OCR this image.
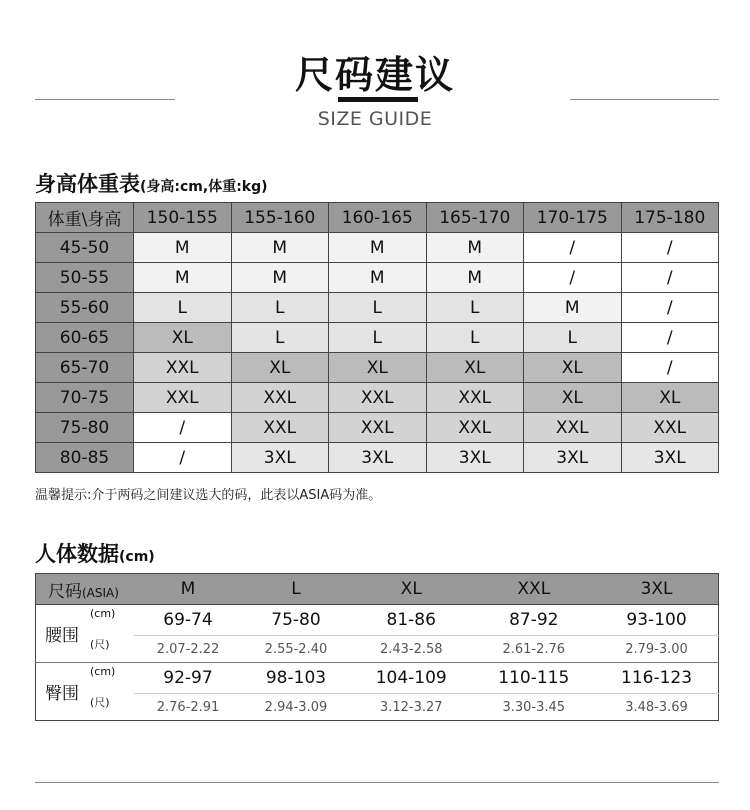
尺码建议
SIZE GUIDE
身高体重表(身高:cm,体重:kg)
体重\身高	150-155	155-160	160-165	165-170	170-175	175-180
45-50	M	M	M	M	/	/
50-55	M	M	M	M	/	/
55-60	L	L	L	L	M	/
60-65	XL	L	L	L	L	/
65-70	XXL	XL	XL	XL	XL	/
70-75	XXL	XXL	XXL	XXL	XL	XL
75-80	/	XXL	XXL	XXL	XXL	XXL
80-85	/	3XL	3XL	3XL	3XL	3XL
温馨提示:介于两码之间建议选大的码，此表以ASIA码为准。
人体数据(cm)
尺码(ASIA)		M	L	XL	XXL	3XL
腰围	(cm)	69-74	75-80	81-86	87-92	93-100
	(尺)	2.07-2.22	2.55-2.40	2.43-2.58	2.61-2.76	2.79-3.00
臀围	(cm)	92-97	98-103	104-109	110-115	116-123
	(尺)	2.76-2.91	2.94-3.09	3.12-3.27	3.30-3.45	3.48-3.69
